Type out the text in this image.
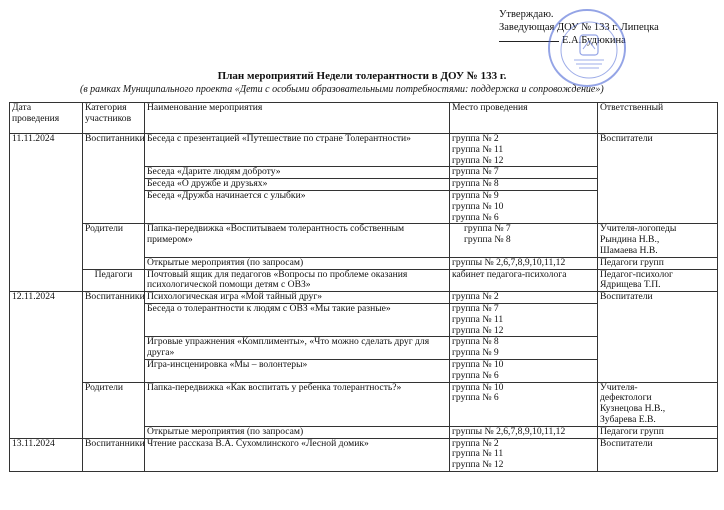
Утверждаю.
Заведующая ДОУ № 133 г. Липецка
Е.А.Будюкина
План мероприятий Недели толерантности в ДОУ № 133 г.
(в рамках Муниципального проекта «Дети с особыми образовательными потребностями: поддержка и сопровождение»)
Дата проведения	Категория участников	Наименование мероприятия	Место проведения	Ответственный
11.11.2024	Воспитанники	Беседа с презентацией «Путешествие по стране Толерантности»	группа № 2
группа № 11
группа № 12	Воспитатели
		Беседа «Дарите людям доброту»	группа № 7	
		Беседа «О дружбе и друзьях»	группа № 8	
		Беседа «Дружба начинается с улыбки»	группа № 9
группа № 10
группа № 6	
	Родители	Папка-передвижка «Воспитываем толерантность собственным примером»	группа № 7
группа № 8	Учителя-логопеды
Рындина Н.В.,
Шамаева Н.В.
		Открытые мероприятия (по запросам)	группы № 2,6,7,8,9,10,11,12	Педагоги групп
	Педагоги	Почтовый ящик для педагогов «Вопросы по проблеме оказания психологической помощи детям с ОВЗ»	кабинет педагога-психолога	Педагог-психолог
Ядрищева Т.П.
12.11.2024	Воспитанники	Психологическая игра «Мой тайный друг»	группа № 2	Воспитатели
		Беседа о толерантности к людям с ОВЗ «Мы такие разные»	группа № 7
группа № 11
группа № 12	
		Игровые упражнения «Комплименты», «Что можно сделать друг для друга»	группа № 8
группа № 9	
		Игра-инсценировка «Мы – волонтеры»	группа № 10
группа № 6	
	Родители	Папка-передвижка «Как воспитать у ребенка толерантность?»	группа № 10
группа № 6	Учителя-
дефектологи
Кузнецова Н.В.,
Зубарева Е.В.
		Открытые мероприятия (по запросам)	группы № 2,6,7,8,9,10,11,12	Педагоги групп
13.11.2024	Воспитанники	Чтение рассказа В.А. Сухомлинского «Лесной домик»	группа № 2
группа № 11
группа № 12	Воспитатели
